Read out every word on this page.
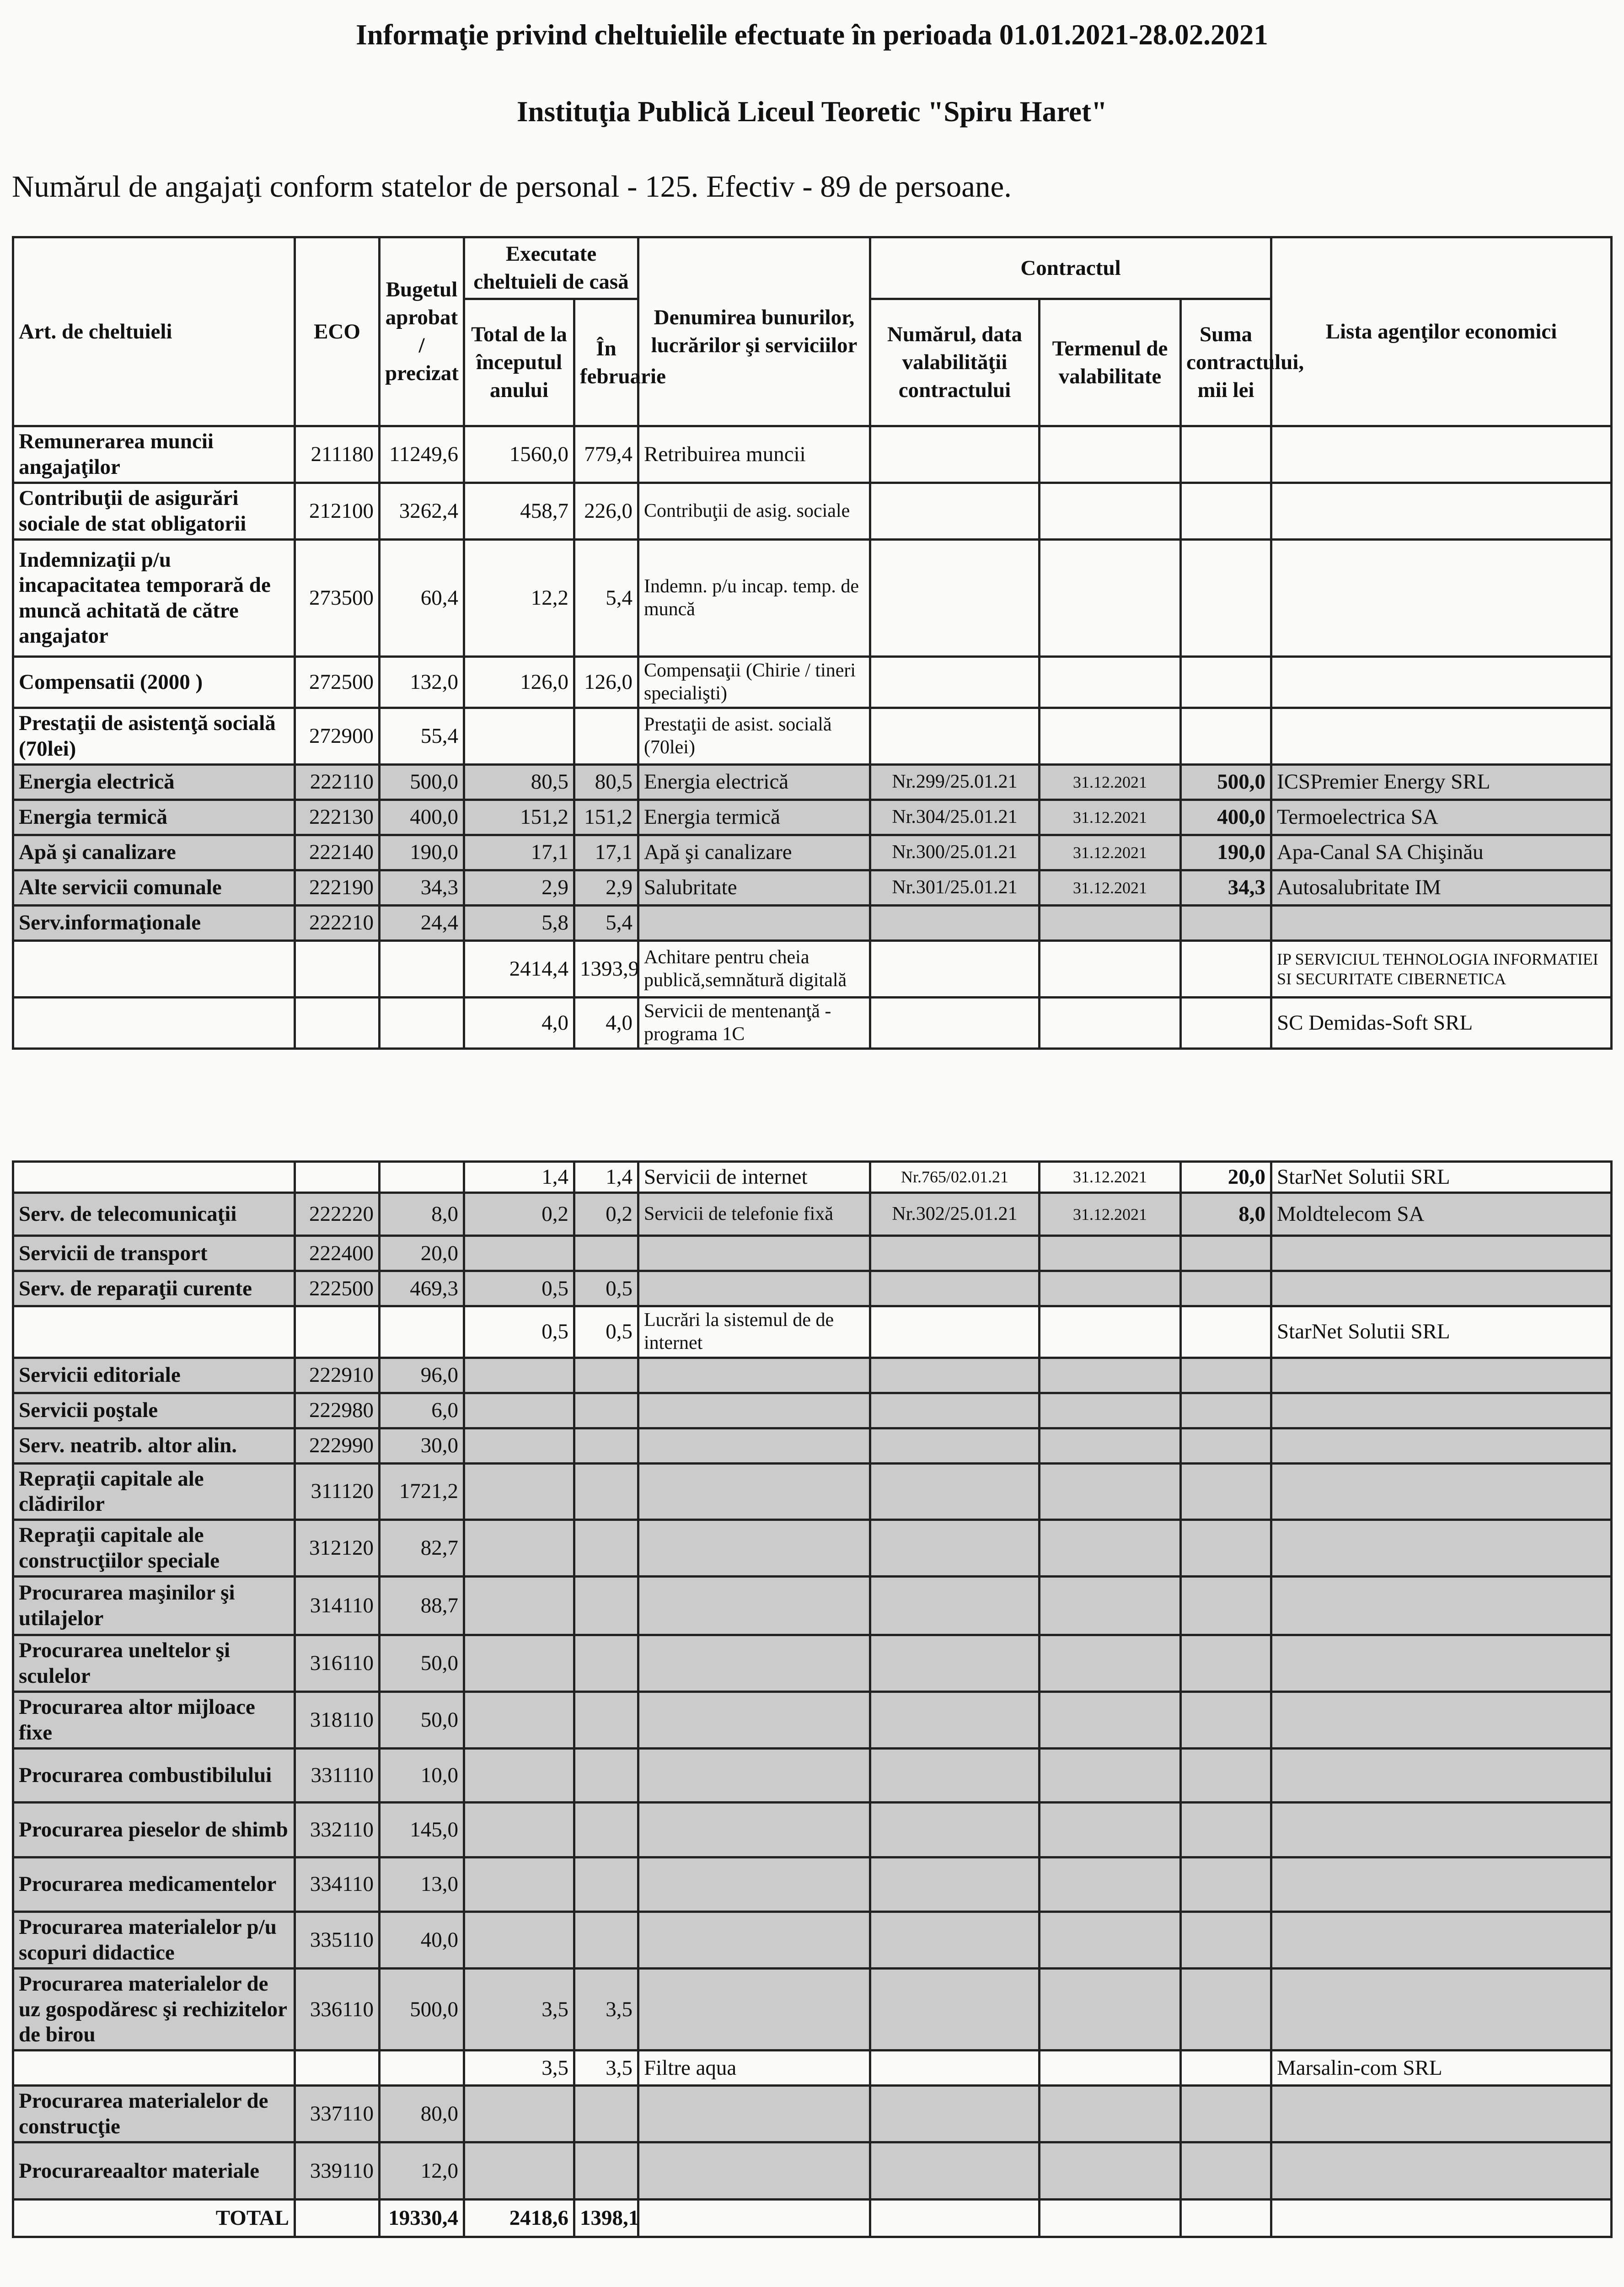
Informaţie privind cheltuielile efectuate în perioada 01.01.2021-28.02.2021
Instituţia Publică Liceul Teoretic "Spiru Haret"
Numărul de angajaţi conform statelor de personal - 125. Efectiv - 89 de persoane.
Art. de cheltuieli	ECO	Bugetul aprobat / precizat	Executate cheltuieli de casă		Denumirea bunurilor, lucrărilor şi serviciilor	Contractul			Lista agenţilor economici
			Total de la începutul anului	În februarie		Numărul, data valabilităţii contractului	Termenul de valabilitate	Suma contractului, mii lei	
Remunerarea muncii angajaţilor	211180	11249,6	1560,0	779,4	Retribuirea muncii				
Contribuţii de asigurări sociale de stat obligatorii	212100	3262,4	458,7	226,0	Contribuţii de asig. sociale				
Indemnizaţii p/u incapacitatea temporară de muncă achitată de către angajator	273500	60,4	12,2	5,4	Indemn. p/u incap. temp. de muncă				
Compensatii (2000 )	272500	132,0	126,0	126,0	Compensaţii (Chirie / tineri specialişti)				
Prestaţii de asistenţă socială (70lei)	272900	55,4			Prestaţii de asist. socială (70lei)				
Energia electrică	222110	500,0	80,5	80,5	Energia electrică	Nr.299/25.01.21	31.12.2021	500,0	ICSPremier Energy SRL
Energia termică	222130	400,0	151,2	151,2	Energia termică	Nr.304/25.01.21	31.12.2021	400,0	Termoelectrica SA
Apă şi canalizare	222140	190,0	17,1	17,1	Apă şi canalizare	Nr.300/25.01.21	31.12.2021	190,0	Apa-Canal SA Chişinău
Alte servicii comunale	222190	34,3	2,9	2,9	Salubritate	Nr.301/25.01.21	31.12.2021	34,3	Autosalubritate IM
Serv.informaţionale	222210	24,4	5,8	5,4					
			2414,4	1393,9	Achitare pentru cheia publică,semnătură digitală				IP SERVICIUL TEHNOLOGIA INFORMATIEI SI SECURITATE CIBERNETICA
			4,0	4,0	Servicii de mentenanţă - programa 1C				SC Demidas-Soft SRL
			1,4	1,4	Servicii de internet	Nr.765/02.01.21	31.12.2021	20,0	StarNet Solutii SRL
Serv. de telecomunicaţii	222220	8,0	0,2	0,2	Servicii de telefonie fixă	Nr.302/25.01.21	31.12.2021	8,0	Moldtelecom SA
Servicii de transport	222400	20,0							
Serv. de reparaţii curente	222500	469,3	0,5	0,5					
			0,5	0,5	Lucrări la sistemul de de internet				StarNet Solutii SRL
Servicii editoriale	222910	96,0							
Servicii poştale	222980	6,0							
Serv. neatrib. altor alin.	222990	30,0							
Repraţii capitale ale clădirilor	311120	1721,2							
Repraţii capitale ale construcţiilor speciale	312120	82,7							
Procurarea maşinilor şi utilajelor	314110	88,7							
Procurarea uneltelor şi sculelor	316110	50,0							
Procurarea altor mijloace fixe	318110	50,0							
Procurarea combustibilului	331110	10,0							
Procurarea pieselor de shimb	332110	145,0							
Procurarea medicamentelor	334110	13,0							
Procurarea materialelor p/u scopuri didactice	335110	40,0							
Procurarea materialelor de uz gospodăresc şi rechizitelor de birou	336110	500,0	3,5	3,5					
			3,5	3,5	Filtre aqua				Marsalin-com SRL
Procurarea materialelor de construcţie	337110	80,0							
Procurareaaltor materiale	339110	12,0							
TOTAL		19330,4	2418,6	1398,1					
